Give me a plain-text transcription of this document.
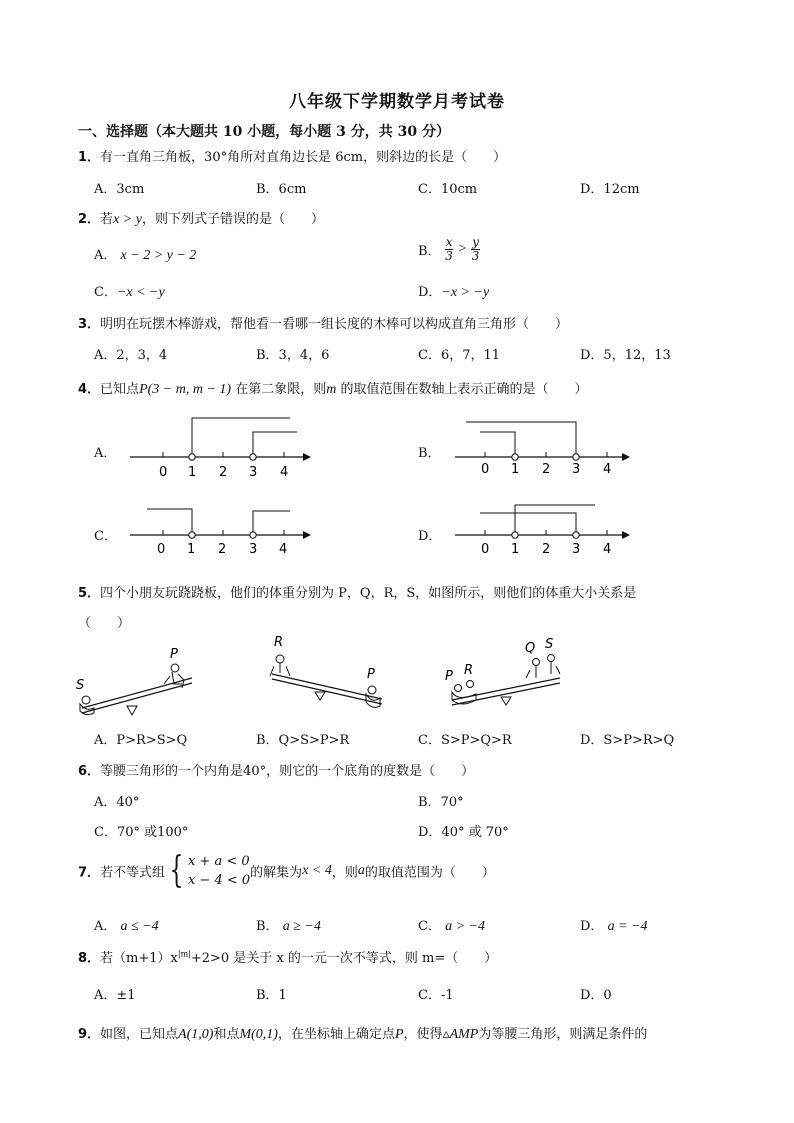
八年级下学期数学月考试卷
一、选择题（本大题共 10 小题，每小题 3 分，共 30 分）
1．有一直角三角板，30°角所对直角边长是 6cm，则斜边的长是（　　）
A．3cm	B．6cm	C．10cm	D．12cm
2．若x > y，则下列式子错误的是（　　）
A． x − 2 > y − 2	B． $\frac{x}{3} > \frac{y}{3}$
C．−x < −y	D．−x > −y
3．明明在玩摆木棒游戏，帮他看一看哪一组长度的木棒可以构成直角三角形（　　）
A．2，3，4	B．3，4，6	C．6，7，11	D．5，12，13
4．已知点P(3 − m, m − 1) 在第二象限，则m 的取值范围在数轴上表示正确的是（　　）
A．	B．
C．	D．
0 1 2 3 4	0 1 2 3 4
0 1 2 3 4	0 1 2 3 4
5．四个小朋友玩跷跷板，他们的体重分别为 P，Q，R，S，如图所示，则他们的体重大小关系是
（　　）
S
P
R
P	P R
Q S
A．P>R>S>Q	B．Q>S>P>R	C．S>P>Q>R	D．S>P>R>Q
6．等腰三角形的一个内角是40°，则它的一个底角的度数是（　　）
A．40°	B．70°
C．70° 或100°	D．40° 或 70°
7．若不等式组 { x + a < 0
x − 4 < 0 的解集为x < 4，则a的取值范围为（　　）
A． a ≤ −4	B． a ≥ −4	C． a > −4	D． a = −4
8．若$(m+1)x^{|m|}+2>0$ 是关于 x 的一元一次不等式，则 m=（　　）
A．±1	B．1	C．-1	D．0
9．如图，已知点A(1,0)和点M(0,1)，在坐标轴上确定点P，使得▵AMP为等腰三角形，则满足条件的
